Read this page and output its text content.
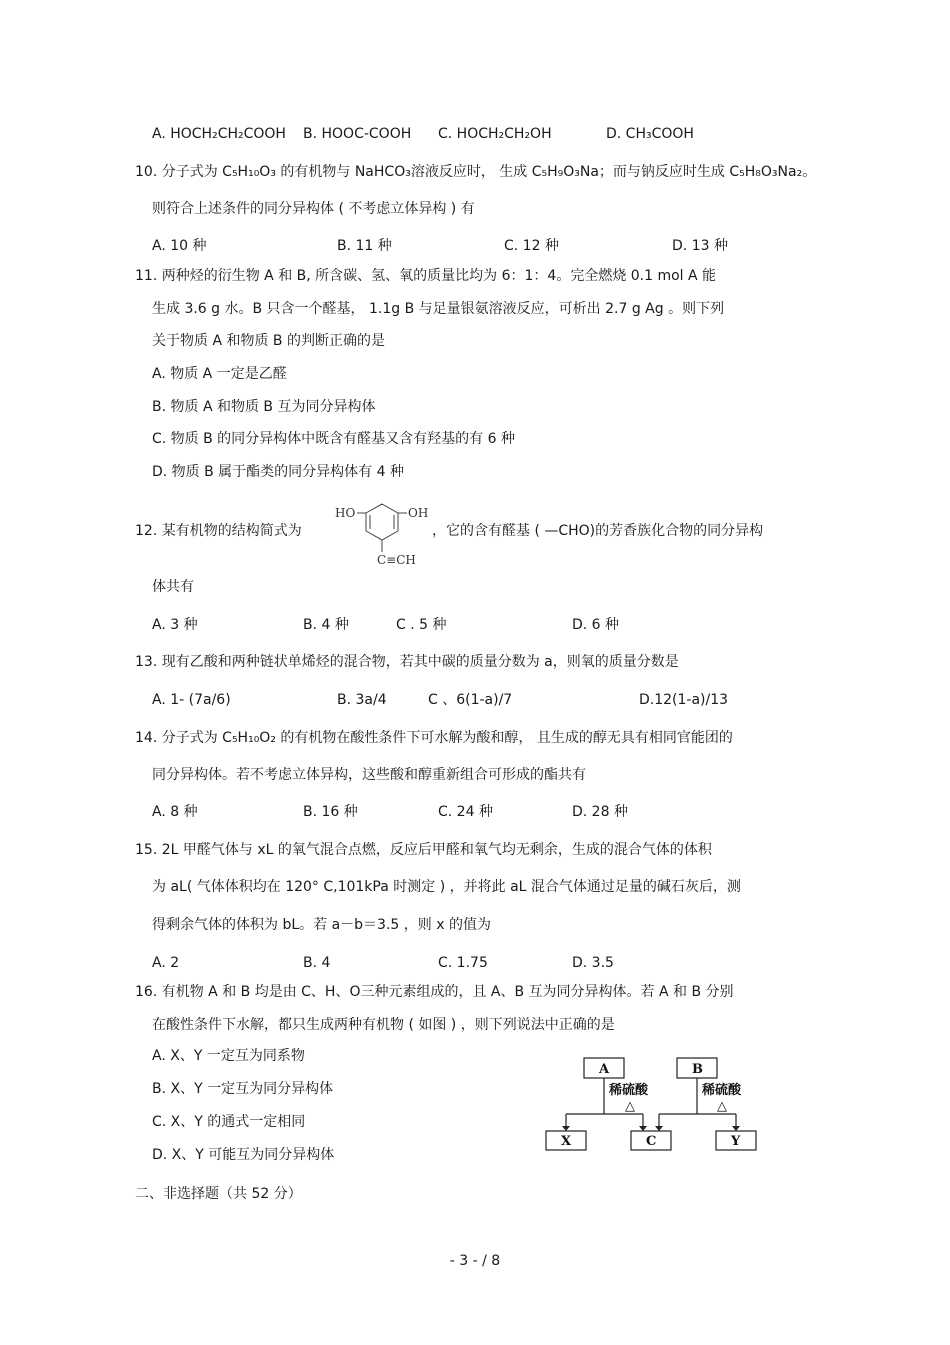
A. HOCH₂CH₂COOH B. HOOC-COOH C. HOCH₂CH₂OH	D. CH₃COOH
10. 分子式为 C₅H₁₀O₃ 的有机物与 NaHCO₃溶液反应时， 生成 C₅H₉O₃Na；而与钠反应时生成 C₅H₈O₃Na₂。
则符合上述条件的同分异构体 ( 不考虑立体异构 ) 有
A. 10 种	B. 11 种	C. 12 种	D. 13 种
11. 两种烃的衍生物 A 和 B, 所含碳、氢、氧的质量比均为 6：1：4。完全燃烧 0.1 mol A 能
生成 3.6 g 水。B 只含一个醛基， 1.1g B 与足量银氨溶液反应，可析出 2.7 g Ag 。则下列
关于物质 A 和物质 B 的判断正确的是
A. 物质 A 一定是乙醛
B. 物质 A 和物质 B 互为同分异构体
C. 物质 B 的同分异构体中既含有醛基又含有羟基的有 6 种
D. 物质 B 属于酯类的同分异构体有 4 种
12. 某有机物的结构简式为
HO	OH
C≡CH
，它的含有醛基 ( —CHO)的芳香族化合物的同分异构
体共有
A. 3 种	B. 4 种	C . 5 种	D. 6 种
13. 现有乙酸和两种链状单烯烃的混合物，若其中碳的质量分数为 a，则氧的质量分数是
A. 1- (7a/6)	B. 3a/4	C 、6(1-a)/7	D.12(1-a)/13
14. 分子式为 C₅H₁₀O₂ 的有机物在酸性条件下可水解为酸和醇， 且生成的醇无具有相同官能团的
同分异构体。若不考虑立体异构，这些酸和醇重新组合可形成的酯共有
A. 8 种	B. 16 种	C. 24 种	D. 28 种
15. 2L 甲醛气体与 xL 的氧气混合点燃，反应后甲醛和氧气均无剩余，生成的混合气体的体积
为 aL( 气体体积均在 120° C,101kPa 时测定 ) ，并将此 aL 混合气体通过足量的碱石灰后，测
得剩余气体的体积为 bL。若 a－b＝3.5 ，则 x 的值为
A. 2	B. 4	C. 1.75	D. 3.5
16. 有机物 A 和 B 均是由 C、H、O三种元素组成的，且 A、B 互为同分异构体。若 A 和 B 分别
在酸性条件下水解，都只生成两种有机物 ( 如图 ) ，则下列说法中正确的是
A. X、Y 一定互为同系物
B. X、Y 一定互为同分异构体
C. X、Y 的通式一定相同
D. X、Y 可能互为同分异构体
A	B
稀硫酸
△
稀硫酸
△
X	C	Y
二、非选择题（共 52 分）
- 3 - / 8
